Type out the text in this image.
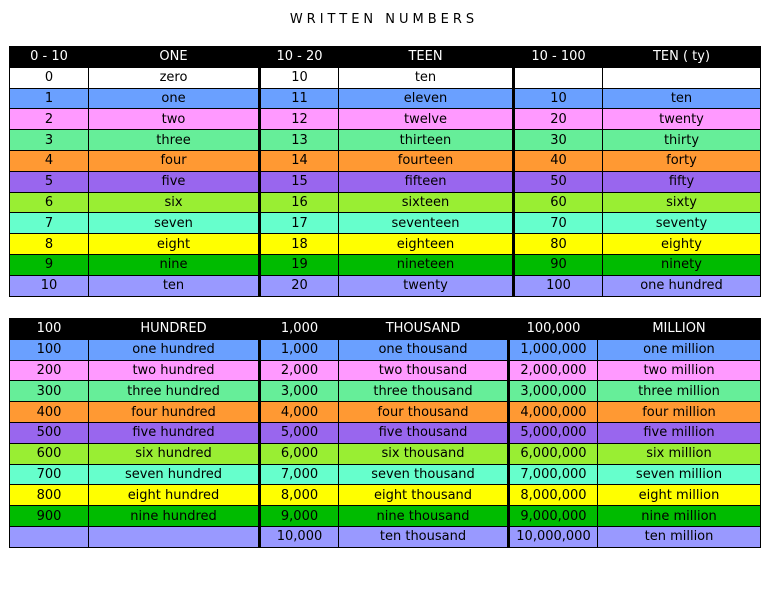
WRITTEN NUMBERS
0 - 10	ONE	10 - 20	TEEN	10 - 100	TEN ( ty)
0	zero	10	ten		
1	one	11	eleven	10	ten
2	two	12	twelve	20	twenty
3	three	13	thirteen	30	thirty
4	four	14	fourteen	40	forty
5	five	15	fifteen	50	fifty
6	six	16	sixteen	60	sixty
7	seven	17	seventeen	70	seventy
8	eight	18	eighteen	80	eighty
9	nine	19	nineteen	90	ninety
10	ten	20	twenty	100	one hundred
100	HUNDRED	1,000	THOUSAND	100,000	MILLION
100	one hundred	1,000	one thousand	1,000,000	one million
200	two hundred	2,000	two thousand	2,000,000	two million
300	three hundred	3,000	three thousand	3,000,000	three million
400	four hundred	4,000	four thousand	4,000,000	four million
500	five hundred	5,000	five thousand	5,000,000	five million
600	six hundred	6,000	six thousand	6,000,000	six million
700	seven hundred	7,000	seven thousand	7,000,000	seven million
800	eight hundred	8,000	eight thousand	8,000,000	eight million
900	nine hundred	9,000	nine thousand	9,000,000	nine million
		10,000	ten thousand	10,000,000	ten million
